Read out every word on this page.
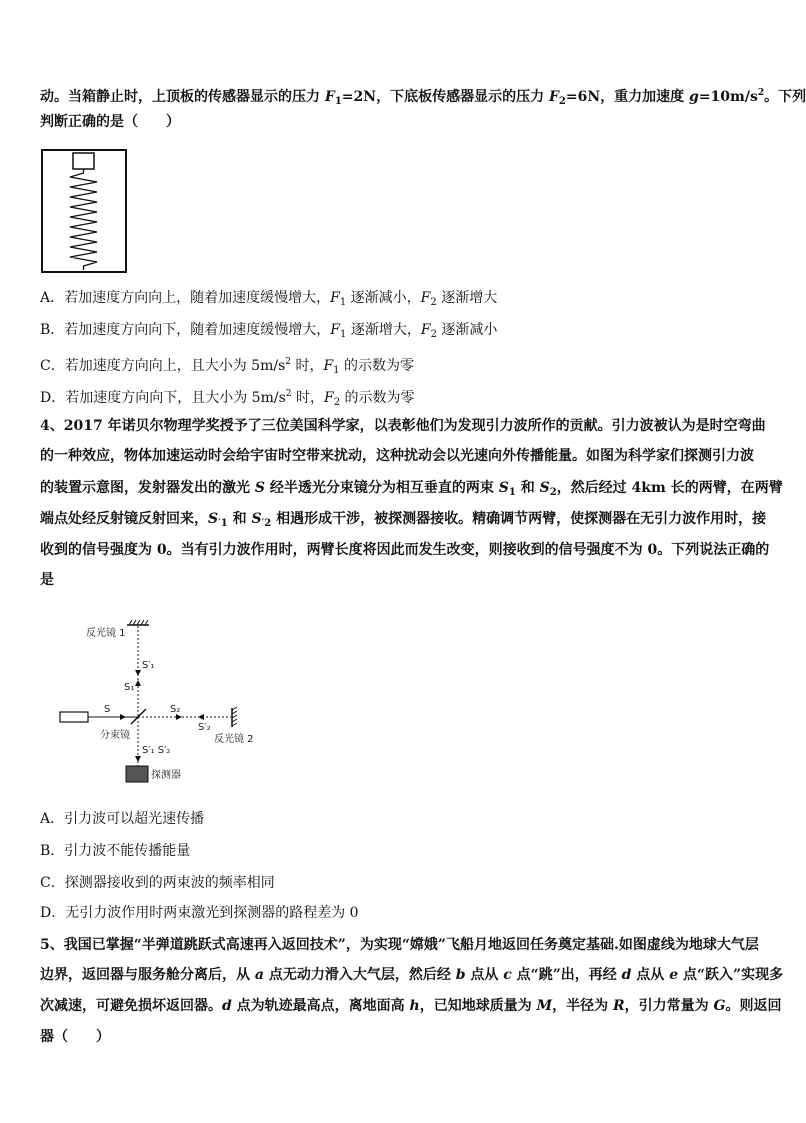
动。当箱静止时，上顶板的传感器显示的压力 $F_1=2N$，下底板传感器显示的压力 $F_2=6N$，重力加速度 $g=10m/s^2$。下列
判断正确的是（　　）
A．若加速度方向向上，随着加速度缓慢增大，$F_1$ 逐渐减小，$F_2$ 逐渐增大
B．若加速度方向向下，随着加速度缓慢增大，$F_1$ 逐渐增大，$F_2$ 逐渐减小
C．若加速度方向向上，且大小为 $5m/s^2$ 时，$F_1$ 的示数为零
D．若加速度方向向下，且大小为 $5m/s^2$ 时，$F_2$ 的示数为零
4、2017 年诺贝尔物理学奖授予了三位美国科学家，以表彰他们为发现引力波所作的贡献。引力波被认为是时空弯曲
的一种效应，物体加速运动时会给宇宙时空带来扰动，这种扰动会以光速向外传播能量。如图为科学家们探测引力波
的装置示意图，发射器发出的激光 S 经半透光分束镜分为相互垂直的两束 $S_1$ 和 $S_2$，然后经过 4km 长的两臂，在两臂
端点处经反射镜反射回来，$S_{'1}$ 和 $S_{'2}$ 相遇形成干涉，被探测器接收。精确调节两臂，使探测器在无引力波作用时，接
收到的信号强度为 0。当有引力波作用时，两臂长度将因此而发生改变，则接收到的信号强度不为 0。下列说法正确的
是
反光镜 1
S′₁
S₁
S
分束镜
S₂
S′₂
反光镜 2
S′₁ S′₂
探测器
A．引力波可以超光速传播
B．引力波不能传播能量
C．探测器接收到的两束波的频率相同
D．无引力波作用时两束激光到探测器的路程差为 0
5、我国已掌握“半弹道跳跃式高速再入返回技术”，为实现“嫦娥”飞船月地返回任务奠定基础.如图虚线为地球大气层
边界，返回器与服务舱分离后，从 a 点无动力滑入大气层，然后经 b 点从 c 点“跳”出，再经 d 点从 e 点“跃入”实现多
次减速，可避免损坏返回器。d 点为轨迹最高点，离地面高 h，已知地球质量为 M，半径为 R，引力常量为 G。则返回
器（　　）
